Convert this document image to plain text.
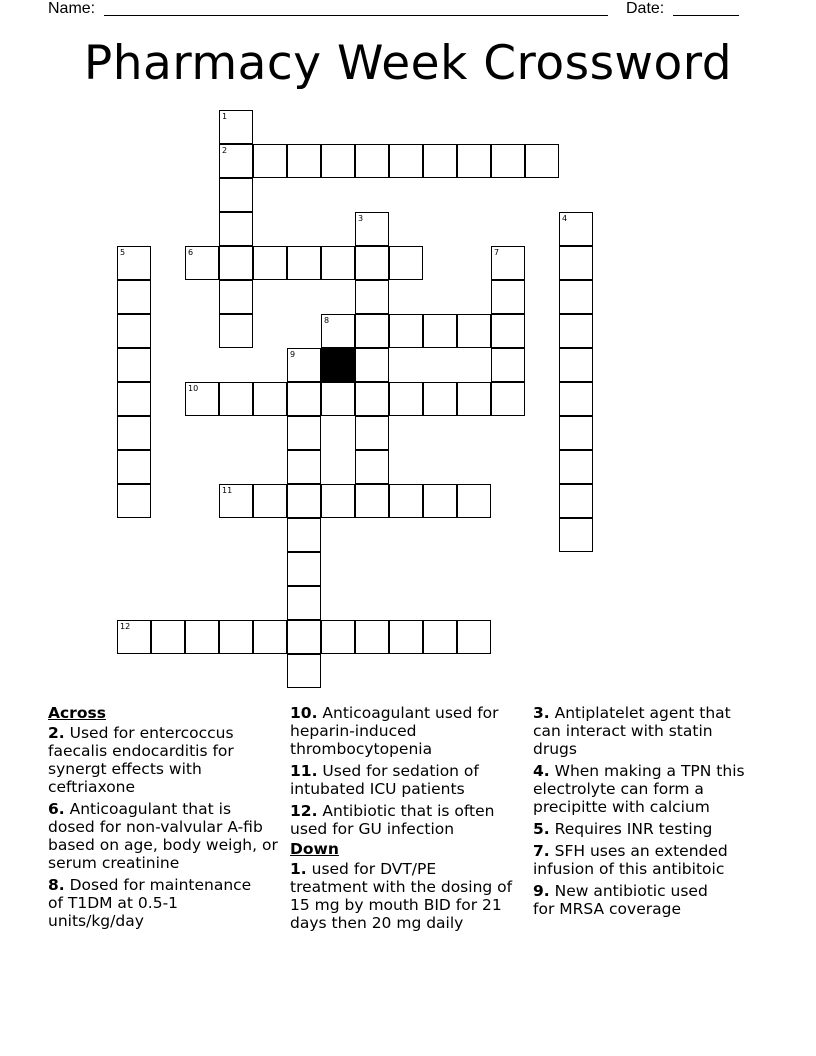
Name:	Date:
Pharmacy Week Crossword
1
2
3	4
5	6	7
8
9
10
11
12
Across
2. Used for entercoccus faecalis endocarditis for synergt effects with ceftriaxone
6. Anticoagulant that is dosed for non-valvular A-fib based on age, body weigh, or serum creatinine
8. Dosed for maintenance of T1DM at 0.5-1 units/kg/day
10. Anticoagulant used for heparin-induced thrombocytopenia
11. Used for sedation of intubated ICU patients
12. Antibiotic that is often used for GU infection
Down
1. used for DVT/PE treatment with the dosing of 15 mg by mouth BID for 21 days then 20 mg daily
3. Antiplatelet agent that can interact with statin drugs
4. When making a TPN this electrolyte can form a precipitte with calcium
5. Requires INR testing
7. SFH uses an extended infusion of this antibitoic
9. New antibiotic used for MRSA coverage
